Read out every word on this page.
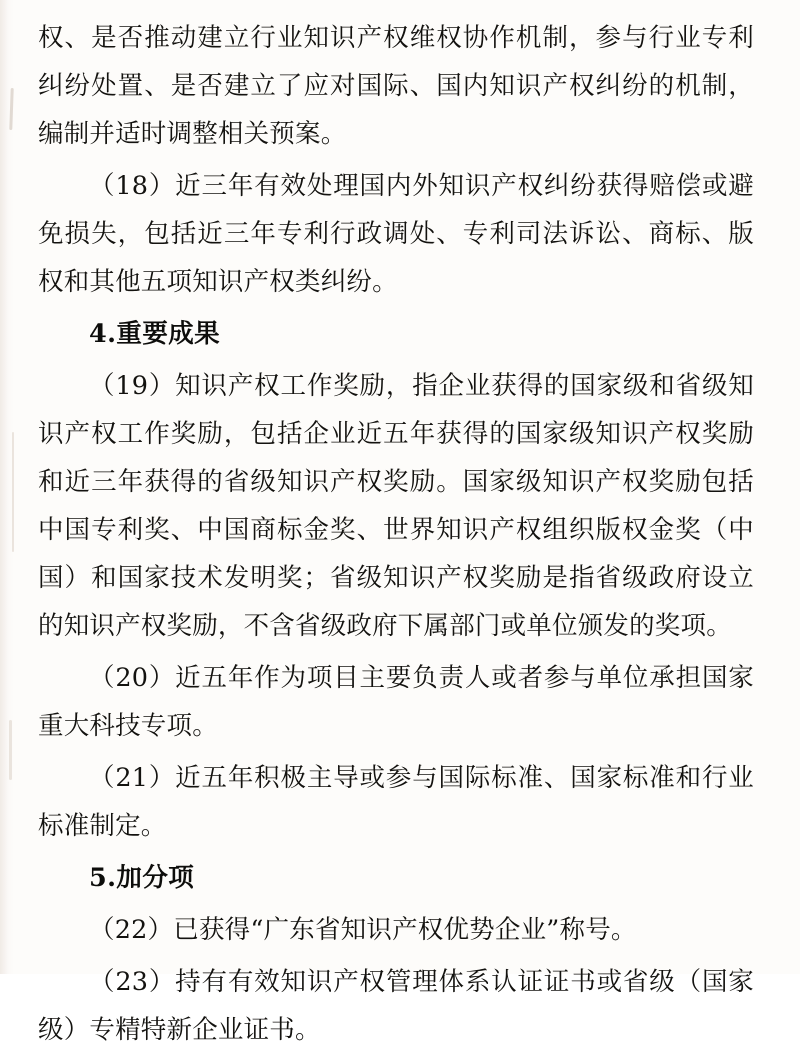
权、是否推动建立行业知识产权维权协作机制，参与行业专利纠纷处置、是否建立了应对国际、国内知识产权纠纷的机制，编制并适时调整相关预案。

（18）近三年有效处理国内外知识产权纠纷获得赔偿或避免损失，包括近三年专利行政调处、专利司法诉讼、商标、版权和其他五项知识产权类纠纷。

4.重要成果

（19）知识产权工作奖励，指企业获得的国家级和省级知识产权工作奖励，包括企业近五年获得的国家级知识产权奖励和近三年获得的省级知识产权奖励。国家级知识产权奖励包括中国专利奖、中国商标金奖、世界知识产权组织版权金奖（中国）和国家技术发明奖；省级知识产权奖励是指省级政府设立的知识产权奖励，不含省级政府下属部门或单位颁发的奖项。

（20）近五年作为项目主要负责人或者参与单位承担国家重大科技专项。

（21）近五年积极主导或参与国际标准、国家标准和行业标准制定。

5.加分项

（22）已获得“广东省知识产权优势企业”称号。

（23）持有有效知识产权管理体系认证证书或省级（国家级）专精特新企业证书。
